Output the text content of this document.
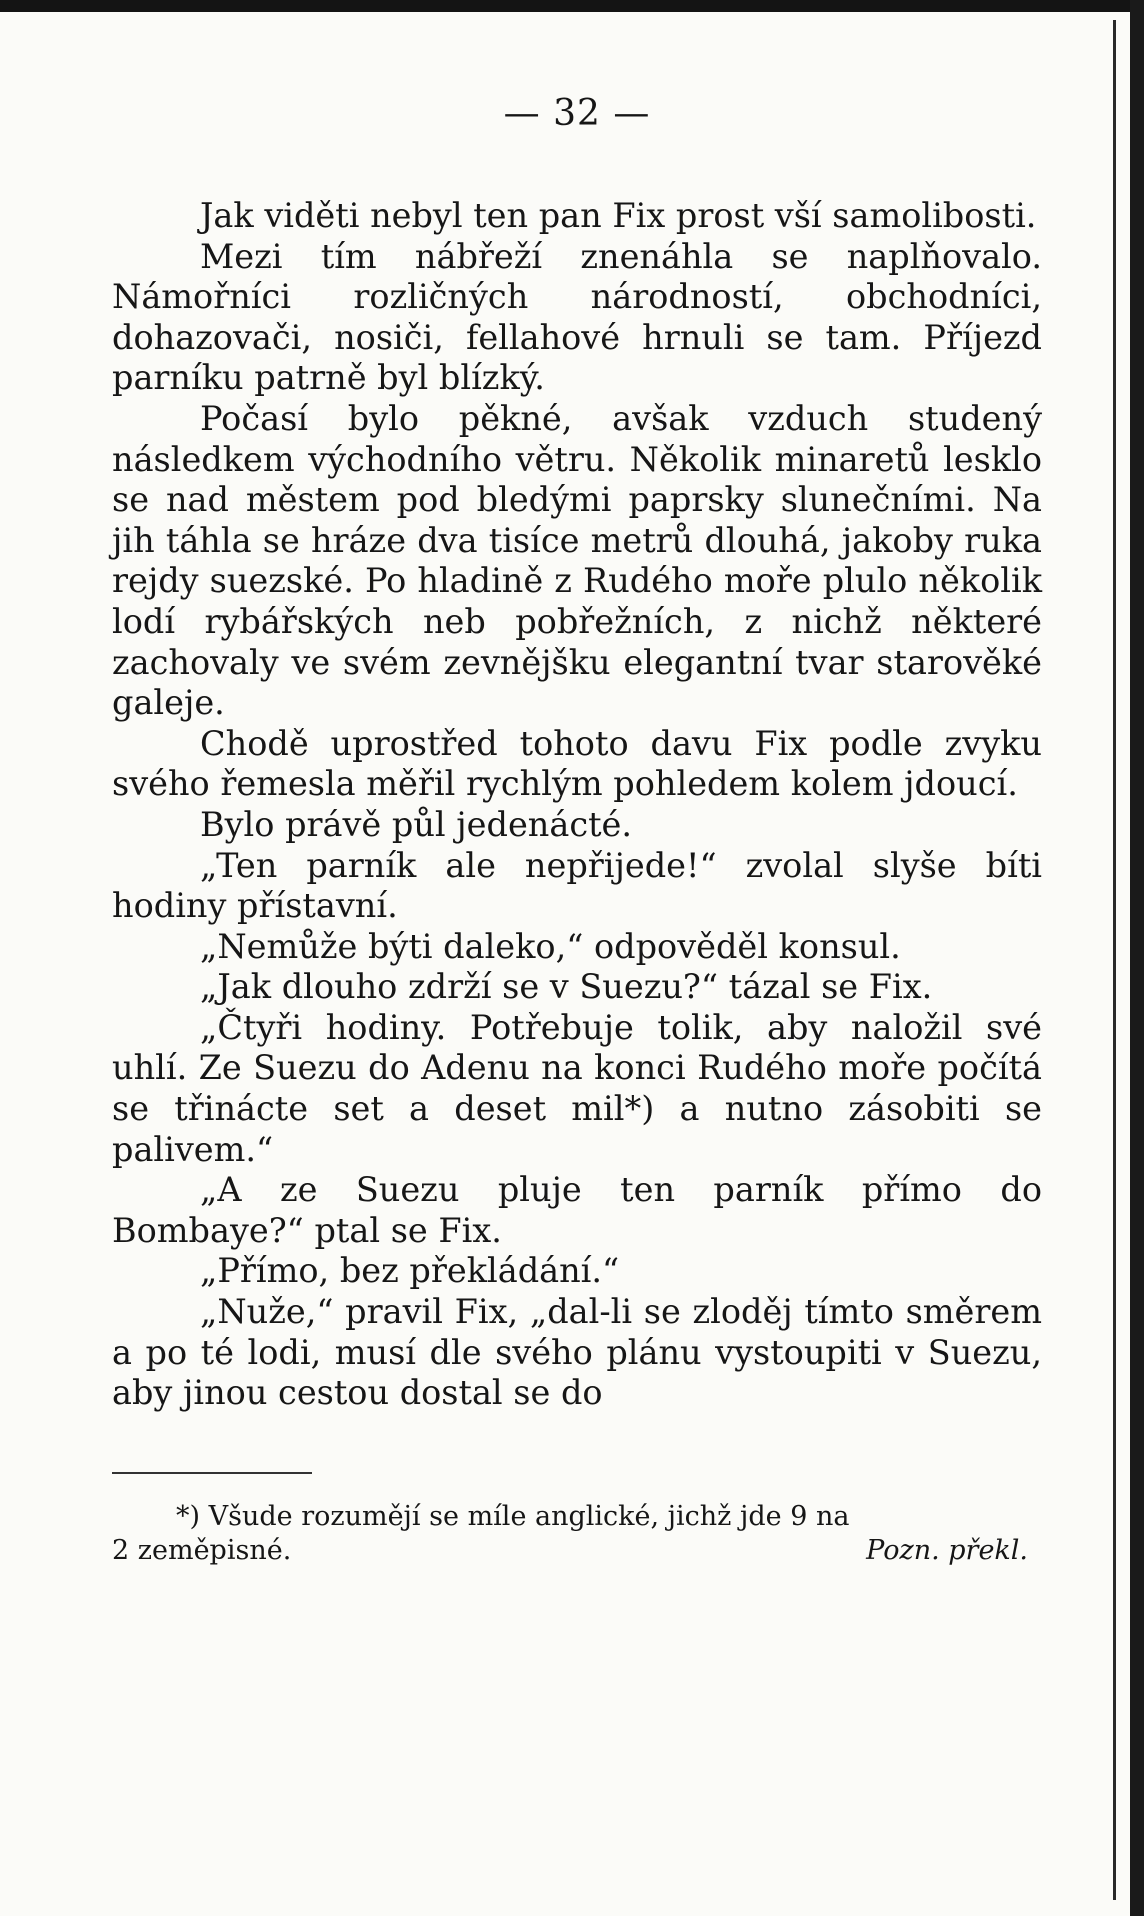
— 32 —

Jak viděti nebyl ten pan Fix prost vší samolibosti.

Mezi tím nábřeží znenáhla se naplňovalo. Námořníci rozličných národností, obchodníci, dohazovači, nosiči, fellahové hrnuli se tam. Příjezd parníku patrně byl blízký.

Počasí bylo pěkné, avšak vzduch studený následkem východního větru. Několik minaretů lesklo se nad městem pod bledými paprsky slunečními. Na jih táhla se hráze dva tisíce metrů dlouhá, jakoby ruka rejdy suezské. Po hladině z Rudého moře plulo několik lodí rybářských neb pobřežních, z nichž některé zachovaly ve svém zevnějšku elegantní tvar starověké galeje.

Chodě uprostřed tohoto davu Fix podle zvyku svého řemesla měřil rychlým pohledem kolem jdoucí.

Bylo právě půl jedenácté.

„Ten parník ale nepřijede!“ zvolal slyše bíti hodiny přístavní.

„Nemůže býti daleko,“ odpověděl konsul.

„Jak dlouho zdrží se v Suezu?“ tázal se Fix.

„Čtyři hodiny. Potřebuje tolik, aby naložil své uhlí. Ze Suezu do Adenu na konci Rudého moře počítá se třinácte set a deset mil*) a nutno zásobiti se palivem.“

„A ze Suezu pluje ten parník přímo do Bombaye?“ ptal se Fix.

„Přímo, bez překládání.“

„Nuže,“ pravil Fix, „dal-li se zloděj tímto směrem a po té lodi, musí dle svého plánu vystoupiti v Suezu, aby jinou cestou dostal se do

*) Všude rozumějí se míle anglické, jichž jde 9 na

2 zeměpisné.	Pozn. překl.
